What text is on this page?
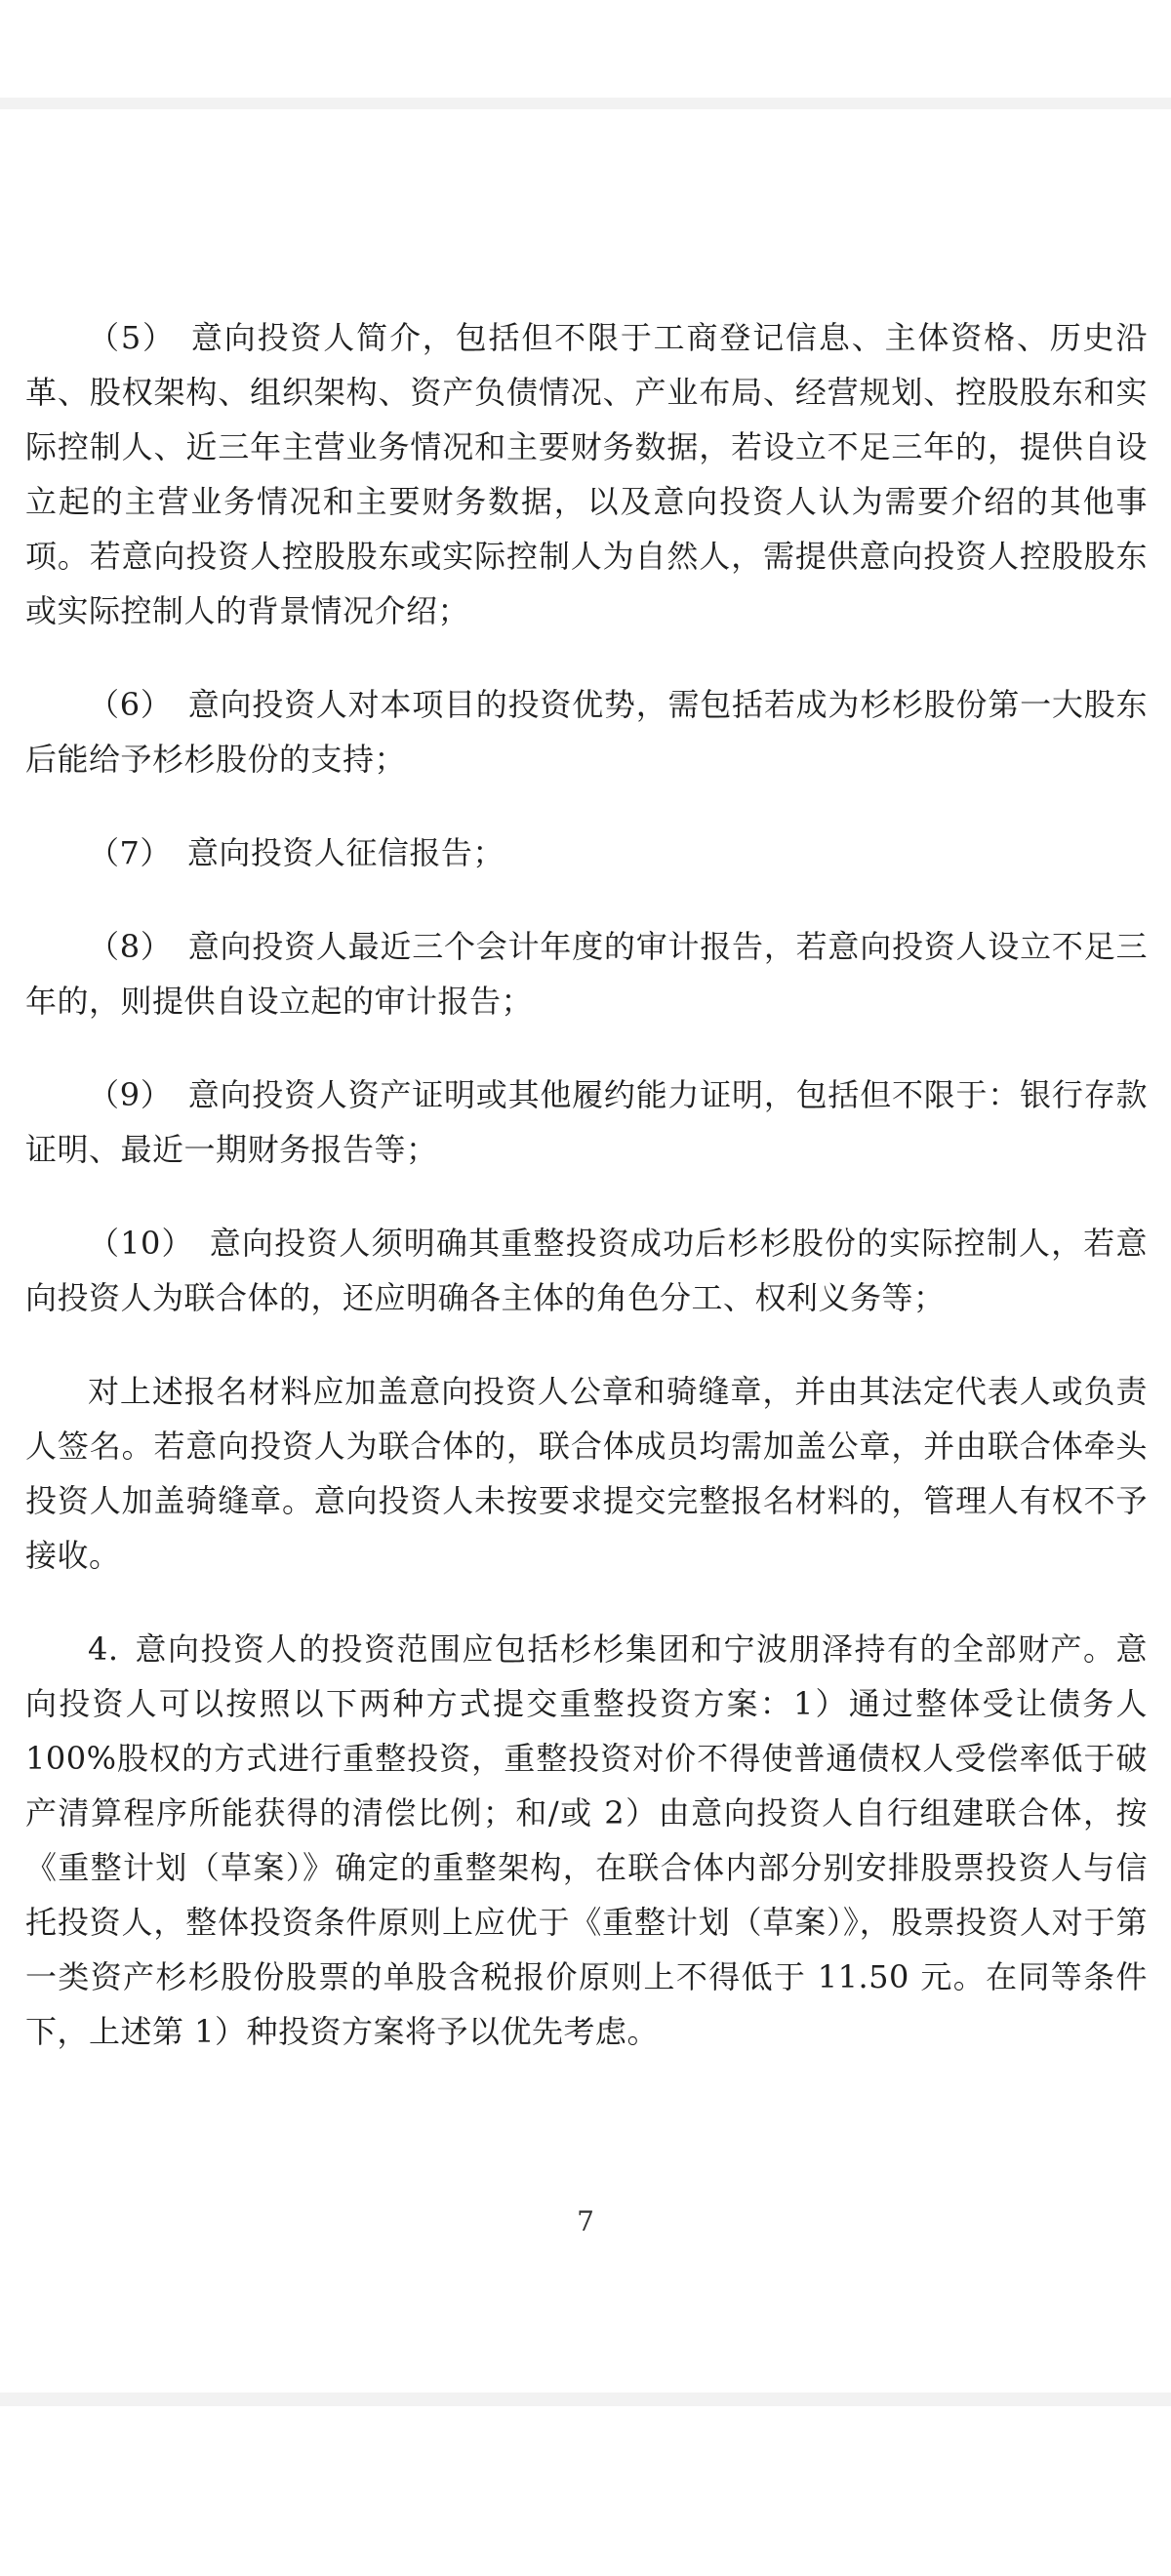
（5） 意向投资人简介，包括但不限于工商登记信息、主体资格、历史沿革、股权架构、组织架构、资产负债情况、产业布局、经营规划、控股股东和实际控制人、近三年主营业务情况和主要财务数据，若设立不足三年的，提供自设立起的主营业务情况和主要财务数据，以及意向投资人认为需要介绍的其他事项。若意向投资人控股股东或实际控制人为自然人，需提供意向投资人控股股东或实际控制人的背景情况介绍；

（6） 意向投资人对本项目的投资优势，需包括若成为杉杉股份第一大股东后能给予杉杉股份的支持；

（7） 意向投资人征信报告；

（8） 意向投资人最近三个会计年度的审计报告，若意向投资人设立不足三年的，则提供自设立起的审计报告；

（9） 意向投资人资产证明或其他履约能力证明，包括但不限于：银行存款证明、最近一期财务报告等；

（10） 意向投资人须明确其重整投资成功后杉杉股份的实际控制人，若意向投资人为联合体的，还应明确各主体的角色分工、权利义务等；

对上述报名材料应加盖意向投资人公章和骑缝章，并由其法定代表人或负责人签名。若意向投资人为联合体的，联合体成员均需加盖公章，并由联合体牵头投资人加盖骑缝章。意向投资人未按要求提交完整报名材料的，管理人有权不予接收。

4. 意向投资人的投资范围应包括杉杉集团和宁波朋泽持有的全部财产。意向投资人可以按照以下两种方式提交重整投资方案：1）通过整体受让债务人100%股权的方式进行重整投资，重整投资对价不得使普通债权人受偿率低于破产清算程序所能获得的清偿比例；和/或 2）由意向投资人自行组建联合体，按《重整计划（草案）》确定的重整架构，在联合体内部分别安排股票投资人与信托投资人，整体投资条件原则上应优于《重整计划（草案）》，股票投资人对于第一类资产杉杉股份股票的单股含税报价原则上不得低于 11.50 元。在同等条件下，上述第 1）种投资方案将予以优先考虑。

7
